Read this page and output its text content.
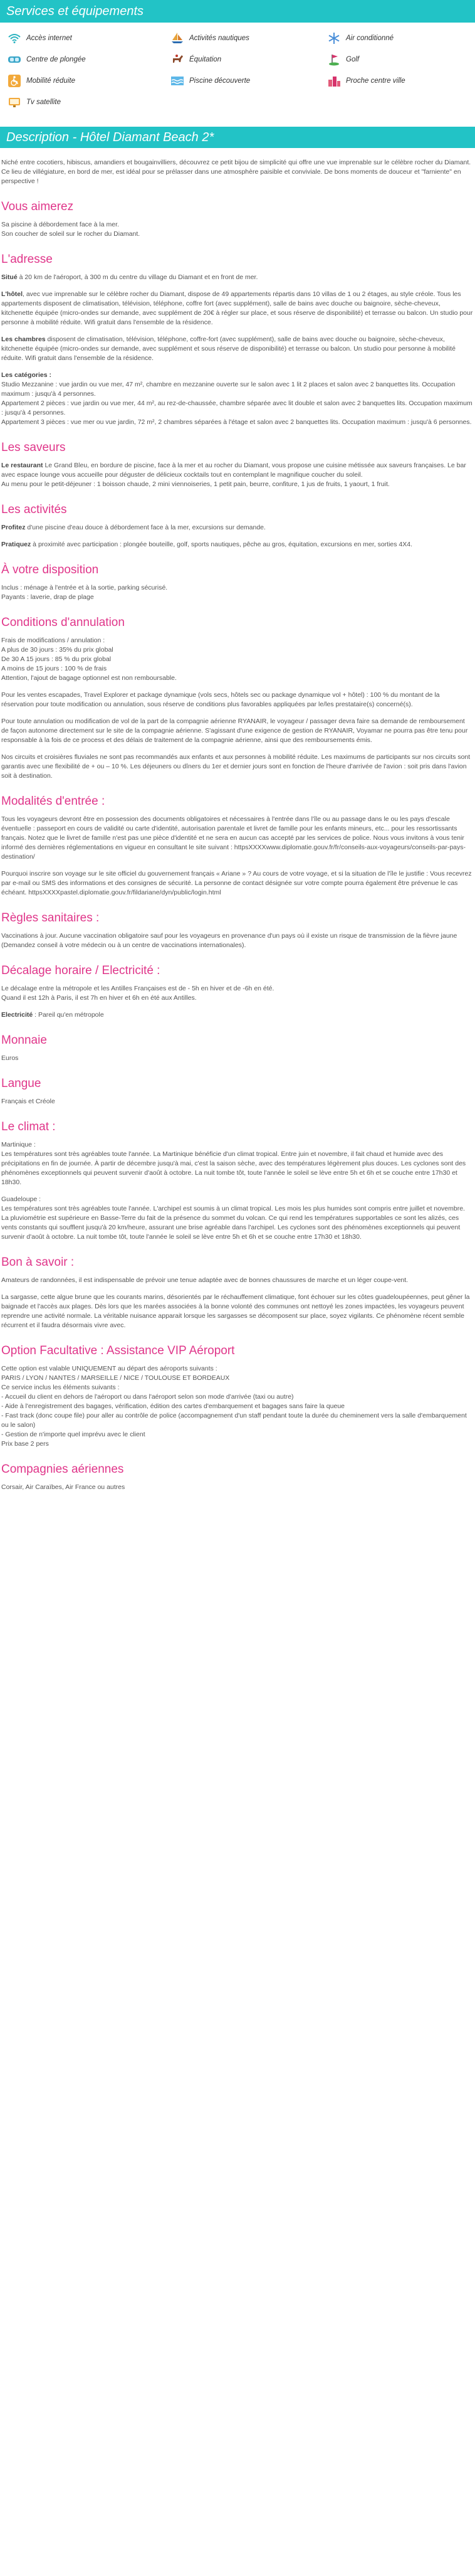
Services et équipements
Accès internet	Activités nautiques	Air conditionné
Centre de plongée	Équitation	Golf
Mobilité réduite	Piscine découverte	Proche centre ville
Tv satellite
Description - Hôtel Diamant Beach 2*

Niché entre cocotiers, hibiscus, amandiers et bougainvilliers, découvrez ce petit bijou de simplicité qui offre une vue imprenable sur le célèbre rocher du Diamant. Ce lieu de villégiature, en bord de mer, est idéal pour se prélasser dans une atmosphère paisible et conviviale. De bons moments de douceur et "farniente" en perspective !

Vous aimerez

Sa piscine à débordement face à la mer.
Son coucher de soleil sur le rocher du Diamant.

L'adresse

Situé à 20 km de l'aéroport, à 300 m du centre du village du Diamant et en front de mer.

L'hôtel, avec vue imprenable sur le célèbre rocher du Diamant, dispose de 49 appartements répartis dans 10 villas de 1 ou 2 étages, au style créole. Tous les appartements disposent de climatisation, télévision, téléphone, coffre fort (avec supplément), salle de bains avec douche ou baignoire, sèche-cheveux, kitchenette équipée (micro-ondes sur demande, avec supplément de 20€ à régler sur place, et sous réserve de disponibilité) et terrasse ou balcon. Un studio pour personne à mobilité réduite. Wifi gratuit dans l'ensemble de la résidence.

Les chambres disposent de climatisation, télévision, téléphone, coffre-fort (avec supplément), salle de bains avec douche ou baignoire, sèche-cheveux, kitchenette équipée (micro-ondes sur demande, avec supplément et sous réserve de disponibilité) et terrasse ou balcon. Un studio pour personne à mobilité réduite. Wifi gratuit dans l'ensemble de la résidence.

Les catégories :
Studio Mezzanine : vue jardin ou vue mer, 47 m², chambre en mezzanine ouverte sur le salon avec 1 lit 2 places et salon avec 2 banquettes lits. Occupation maximum : jusqu'à 4 personnes.
Appartement 2 pièces : vue jardin ou vue mer, 44 m², au rez-de-chaussée, chambre séparée avec lit double et salon avec 2 banquettes lits. Occupation maximum : jusqu'à 4 personnes.
Appartement 3 pièces : vue mer ou vue jardin, 72 m², 2 chambres séparées à l'étage et salon avec 2 banquettes lits. Occupation maximum : jusqu'à 6 personnes.

Les saveurs

Le restaurant Le Grand Bleu, en bordure de piscine, face à la mer et au rocher du Diamant, vous propose une cuisine métissée aux saveurs françaises. Le bar avec espace lounge vous accueille pour déguster de délicieux cocktails tout en contemplant le magnifique coucher du soleil.
Au menu pour le petit-déjeuner : 1 boisson chaude, 2 mini viennoiseries, 1 petit pain, beurre, confiture, 1 jus de fruits, 1 yaourt, 1 fruit.

Les activités

Profitez d'une piscine d'eau douce à débordement face à la mer, excursions sur demande.

Pratiquez à proximité avec participation : plongée bouteille, golf, sports nautiques, pêche au gros, équitation, excursions en mer, sorties 4X4.

À votre disposition

Inclus : ménage à l'entrée et à la sortie, parking sécurisé.
Payants : laverie, drap de plage

Conditions d'annulation

Frais de modifications / annulation :
A plus de 30 jours : 35% du prix global
De 30 A 15 jours : 85 % du prix global
A moins de 15 jours : 100 % de frais
Attention, l'ajout de bagage optionnel est non remboursable.

Pour les ventes escapades, Travel Explorer et package dynamique (vols secs, hôtels sec ou package dynamique vol + hôtel) : 100 % du montant de la réservation pour toute modification ou annulation, sous réserve de conditions plus favorables appliquées par le/les prestataire(s) concerné(s).

Pour toute annulation ou modification de vol de la part de la compagnie aérienne RYANAIR, le voyageur / passager devra faire sa demande de remboursement de façon autonome directement sur le site de la compagnie aérienne. S'agissant d'une exigence de gestion de RYANAIR, Voyamar ne pourra pas être tenu pour responsable à la fois de ce process et des délais de traitement de la compagnie aérienne, ainsi que des remboursements émis.

Nos circuits et croisières fluviales ne sont pas recommandés aux enfants et aux personnes à mobilité réduite. Les maximums de participants sur nos circuits sont garantis avec une flexibilité de + ou – 10 %. Les déjeuners ou dîners du 1er et dernier jours sont en fonction de l'heure d'arrivée de l'avion : soit pris dans l'avion soit à destination.

Modalités d'entrée :

Tous les voyageurs devront être en possession des documents obligatoires et nécessaires à l'entrée dans l'île ou au passage dans le ou les pays d'escale éventuelle : passeport en cours de validité ou carte d'identité, autorisation parentale et livret de famille pour les enfants mineurs, etc... pour les ressortissants français. Notez que le livret de famille n'est pas une pièce d'identité et ne sera en aucun cas accepté par les services de police. Nous vous invitons à vous tenir informé des dernières réglementations en vigueur en consultant le site suivant : httpsXXXXwww.diplomatie.gouv.fr/fr/conseils-aux-voyageurs/conseils-par-pays-destination/

Pourquoi inscrire son voyage sur le site officiel du gouvernement français « Ariane » ? Au cours de votre voyage, et si la situation de l'île le justifie : Vous recevrez par e-mail ou SMS des informations et des consignes de sécurité. La personne de contact désignée sur votre compte pourra également être prévenue le cas échéant. httpsXXXXpastel.diplomatie.gouv.fr/fildariane/dyn/public/login.html

Règles sanitaires :

Vaccinations à jour. Aucune vaccination obligatoire sauf pour les voyageurs en provenance d'un pays où il existe un risque de transmission de la fièvre jaune (Demandez conseil à votre médecin ou à un centre de vaccinations internationales).

Décalage horaire / Electricité :

Le décalage entre la métropole et les Antilles Françaises est de - 5h en hiver et de -6h en été.
Quand il est 12h à Paris, il est 7h en hiver et 6h en été aux Antilles.

Electricité : Pareil qu'en métropole

Monnaie

Euros

Langue

Français et Créole

Le climat :

Martinique :
Les températures sont très agréables toute l'année. La Martinique bénéficie d'un climat tropical. Entre juin et novembre, il fait chaud et humide avec des précipitations en fin de journée. À partir de décembre jusqu'à mai, c'est la saison sèche, avec des températures légèrement plus douces. Les cyclones sont des phénomènes exceptionnels qui peuvent survenir d'août à octobre. La nuit tombe tôt, toute l'année le soleil se lève entre 5h et 6h et se couche entre 17h30 et 18h30.

Guadeloupe :
Les températures sont très agréables toute l'année. L'archipel est soumis à un climat tropical. Les mois les plus humides sont compris entre juillet et novembre. La pluviométrie est supérieure en Basse-Terre du fait de la présence du sommet du volcan. Ce qui rend les températures supportables ce sont les alizés, ces vents constants qui soufflent jusqu'à 20 km/heure, assurant une brise agréable dans l'archipel. Les cyclones sont des phénomènes exceptionnels qui peuvent survenir d'août à octobre. La nuit tombe tôt, toute l'année le soleil se lève entre 5h et 6h et se couche entre 17h30 et 18h30.

Bon à savoir :

Amateurs de randonnées, il est indispensable de prévoir une tenue adaptée avec de bonnes chaussures de marche et un léger coupe-vent.

La sargasse, cette algue brune que les courants marins, désorientés par le réchauffement climatique, font échouer sur les côtes guadeloupéennes, peut gêner la baignade et l'accès aux plages. Dès lors que les marées associées à la bonne volonté des communes ont nettoyé les zones impactées, les voyageurs peuvent reprendre une activité normale. La véritable nuisance apparait lorsque les sargasses se décomposent sur place, soyez vigilants. Ce phénomène récent semble récurrent et il faudra désormais vivre avec.

Option Facultative : Assistance VIP Aéroport

Cette option est valable UNIQUEMENT au départ des aéroports suivants :
PARIS / LYON / NANTES / MARSEILLE / NICE / TOULOUSE ET BORDEAUX
Ce service inclus les éléments suivants :
- Accueil du client en dehors de l'aéroport ou dans l'aéroport selon son mode d'arrivée (taxi ou autre)
- Aide à l'enregistrement des bagages, vérification, édition des cartes d'embarquement et bagages sans faire la queue
- Fast track (donc coupe file) pour aller au contrôle de police (accompagnement d'un staff pendant toute la durée du cheminement vers la salle d'embarquement ou le salon)
- Gestion de n'importe quel imprévu avec le client
Prix base 2 pers

Compagnies aériennes

Corsair, Air Caraïbes, Air France ou autres
